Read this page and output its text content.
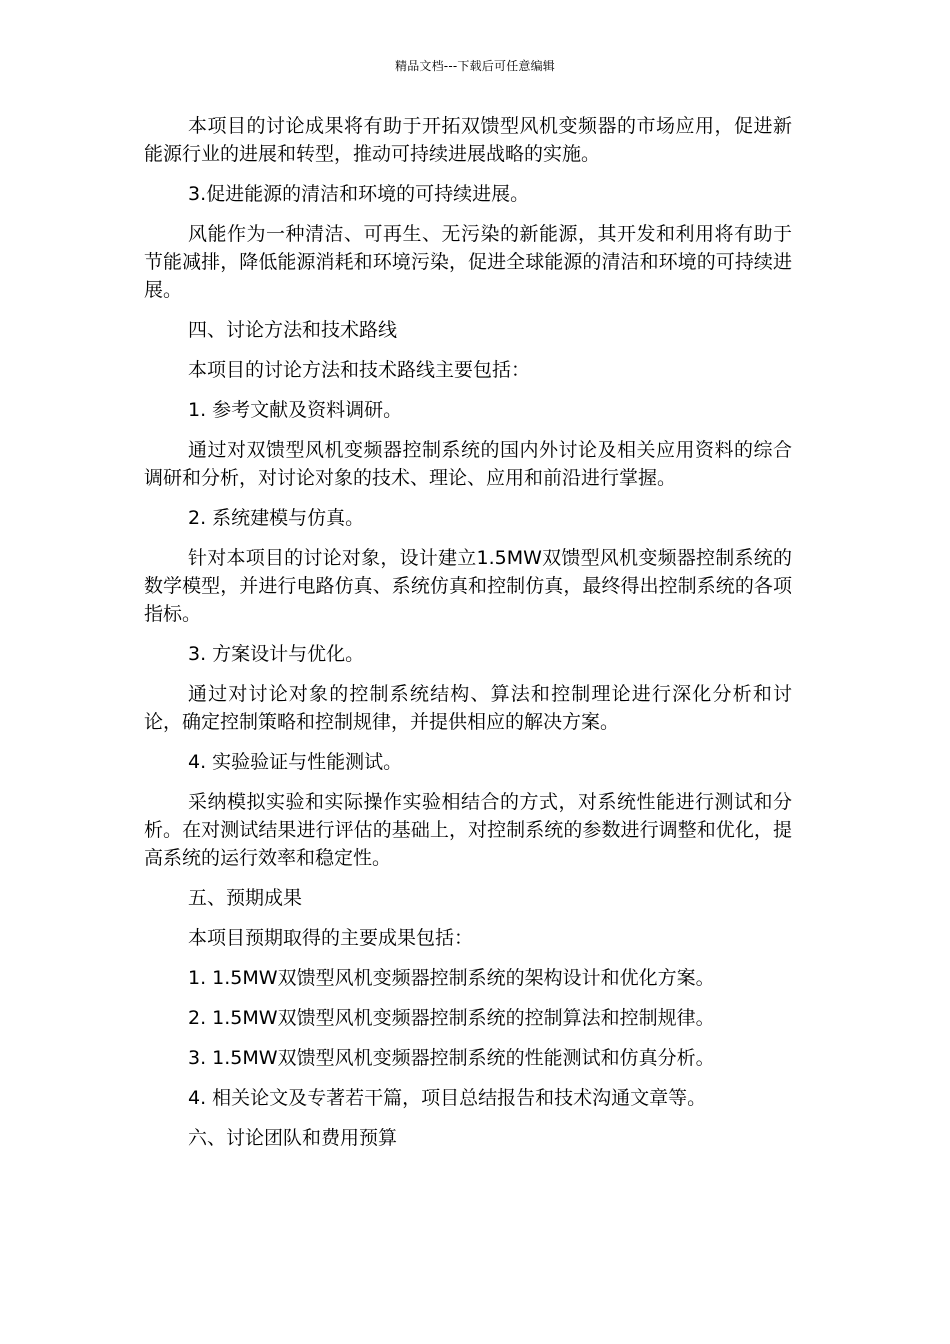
精品文档---下载后可任意编辑

本项目的讨论成果将有助于开拓双馈型风机变频器的市场应用，促进新能源行业的进展和转型，推动可持续进展战略的实施。

3.促进能源的清洁和环境的可持续进展。

风能作为一种清洁、可再生、无污染的新能源，其开发和利用将有助于节能减排，降低能源消耗和环境污染，促进全球能源的清洁和环境的可持续进展。

四、讨论方法和技术路线

本项目的讨论方法和技术路线主要包括：

1. 参考文献及资料调研。

通过对双馈型风机变频器控制系统的国内外讨论及相关应用资料的综合调研和分析，对讨论对象的技术、理论、应用和前沿进行掌握。

2. 系统建模与仿真。

针对本项目的讨论对象，设计建立1.5MW双馈型风机变频器控制系统的数学模型，并进行电路仿真、系统仿真和控制仿真，最终得出控制系统的各项指标。

3. 方案设计与优化。

通过对讨论对象的控制系统结构、算法和控制理论进行深化分析和讨论，确定控制策略和控制规律，并提供相应的解决方案。

4. 实验验证与性能测试。

采纳模拟实验和实际操作实验相结合的方式，对系统性能进行测试和分析。在对测试结果进行评估的基础上，对控制系统的参数进行调整和优化，提高系统的运行效率和稳定性。

五、预期成果

本项目预期取得的主要成果包括：

1. 1.5MW双馈型风机变频器控制系统的架构设计和优化方案。

2. 1.5MW双馈型风机变频器控制系统的控制算法和控制规律。

3. 1.5MW双馈型风机变频器控制系统的性能测试和仿真分析。

4. 相关论文及专著若干篇，项目总结报告和技术沟通文章等。

六、讨论团队和费用预算
